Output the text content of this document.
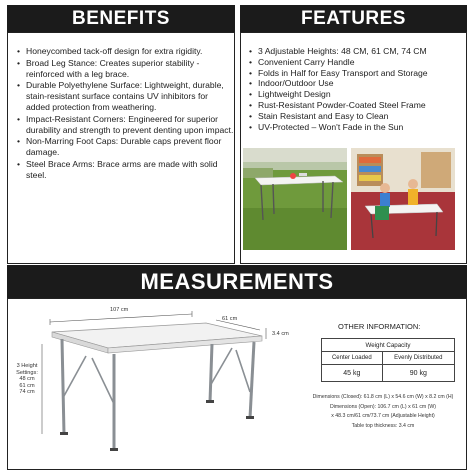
BENEFITS	FEATURES
• Honeycombed tack-off design for extra rigidity.
• Broad Leg Stance: Creates superior stability - reinforced with a leg brace.
• Durable Polyethylene Surface: Lightweight, durable, stain-resistant surface contains UV inhibitors for added protection from weathering.
• Impact-Resistant Corners: Engineered for superior durability and strength to prevent denting upon impact.
• Non-Marring Foot Caps: Durable caps prevent floor damage.
• Steel Brace Arms: Brace arms are made with solid steel.
• 3 Adjustable Heights: 48 CM, 61 CM, 74 CM
• Convenient Carry Handle
• Folds in Half for Easy Transport and Storage
• Indoor/Outdoor Use
• Lightweight Design
• Rust-Resistant Powder-Coated Steel Frame
• Stain Resistant and Easy to Clean
• UV-Protected – Won't Fade in the Sun
MEASUREMENTS
107 cm
61 cm
3.4 cm
3 Height
Settings:
48 cm
61 cm
74 cm
OTHER INFORMATION:
Weight Capacity	
Center Loaded	Evenly Distributed
45 kg	90 kg
Dimensions (Closed): 61.8 cm (L) x 54.6 cm (W) x 8.2 cm (H)
Dimensions (Open): 106.7 cm (L) x 61 cm (W)
x 48.3 cm/61 cm/73.7 cm (Adjustable Height)
Table top thickness: 3.4 cm
